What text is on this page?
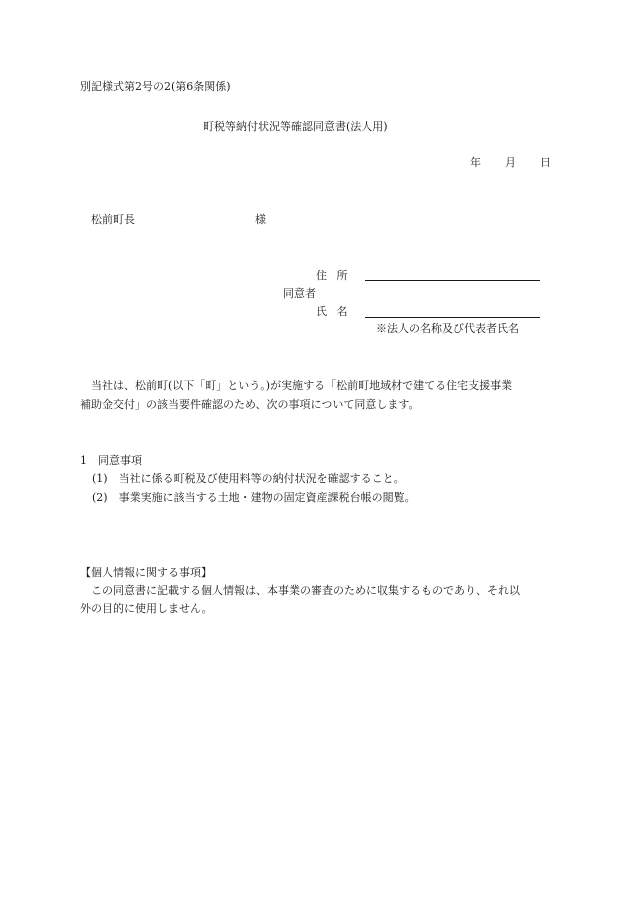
別記様式第2号の2(第6条関係)
町税等納付状況等確認同意書(法人用)
年 月 日
松前町長	様
住 所
同意者
氏 名
※法人の名称及び代表者氏名
当社は、松前町(以下「町」という。)が実施する「松前町地域材で建てる住宅支援事業
補助金交付」の該当要件確認のため、次の事項について同意します。
1　同意事項
(1)　当社に係る町税及び使用料等の納付状況を確認すること。
(2)　事業実施に該当する土地・建物の固定資産課税台帳の閲覧。
【個人情報に関する事項】
この同意書に記載する個人情報は、本事業の審査のために収集するものであり、それ以
外の目的に使用しません。
